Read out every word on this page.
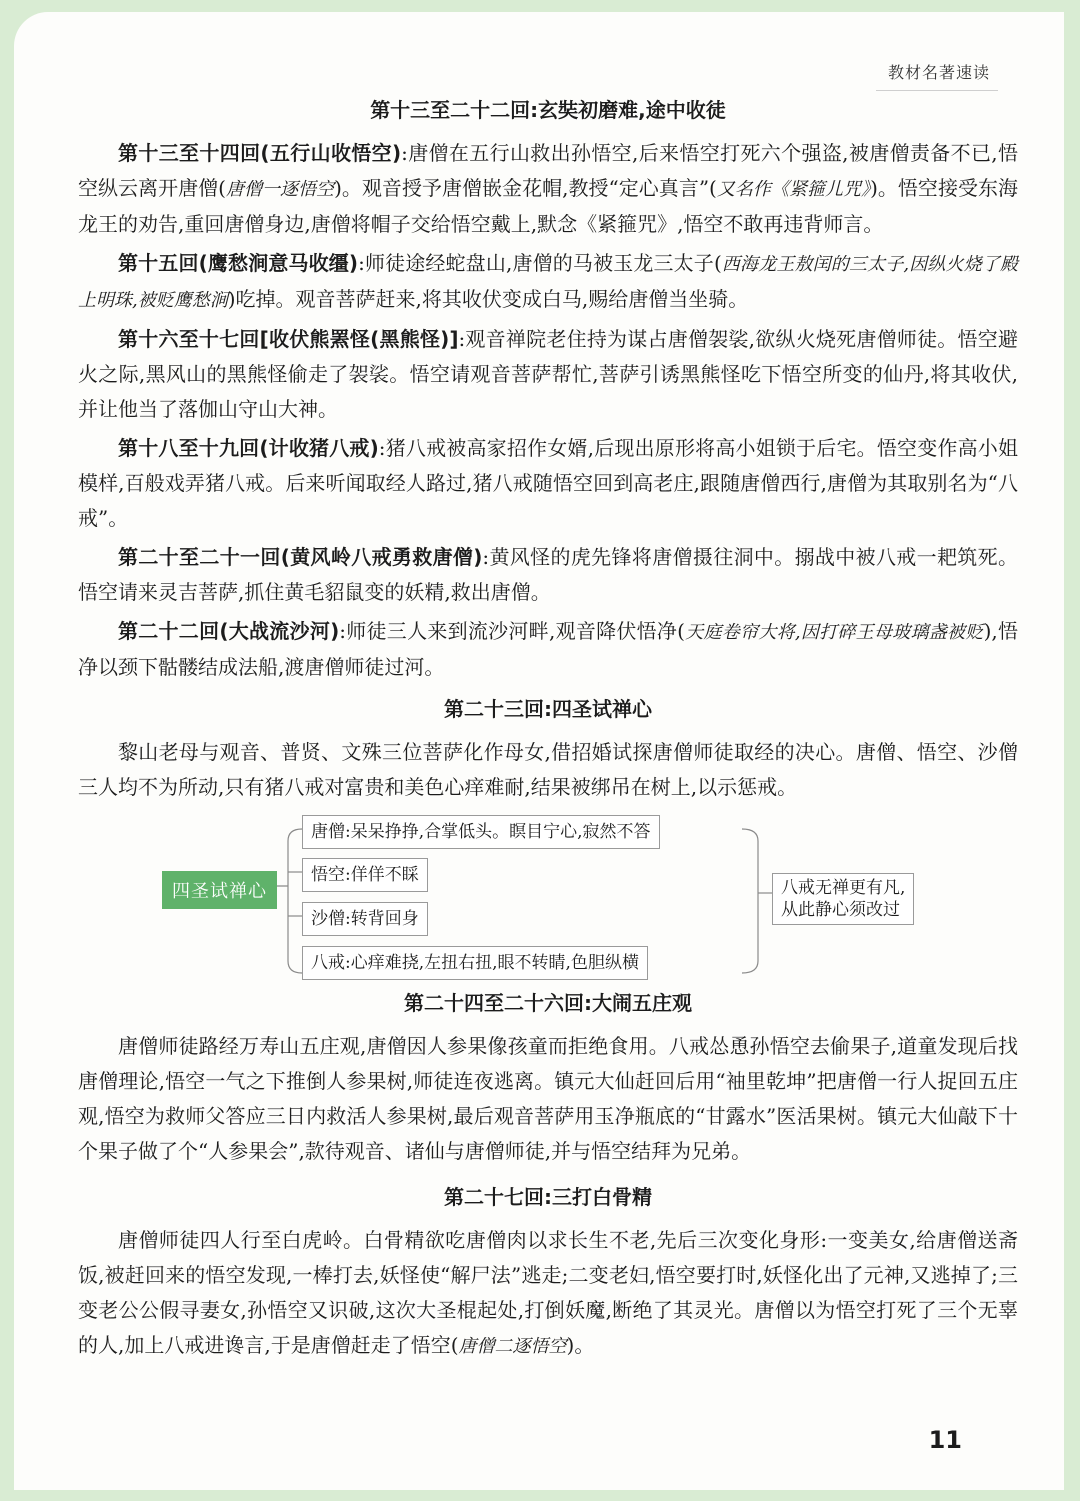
教材名著速读
第十三至二十二回:玄奘初磨难,途中收徒

第十三至十四回(五行山收悟空):唐僧在五行山救出孙悟空,后来悟空打死六个强盗,被唐僧责备不已,悟空纵云离开唐僧(唐僧一逐悟空)。观音授予唐僧嵌金花帽,教授“定心真言”(又名作《紧箍儿咒》)。悟空接受东海龙王的劝告,重回唐僧身边,唐僧将帽子交给悟空戴上,默念《紧箍咒》,悟空不敢再违背师言。

第十五回(鹰愁涧意马收缰):师徒途经蛇盘山,唐僧的马被玉龙三太子(西海龙王敖闰的三太子,因纵火烧了殿上明珠,被贬鹰愁涧)吃掉。观音菩萨赶来,将其收伏变成白马,赐给唐僧当坐骑。

第十六至十七回[收伏熊罴怪(黑熊怪)]:观音禅院老住持为谋占唐僧袈裟,欲纵火烧死唐僧师徒。悟空避火之际,黑风山的黑熊怪偷走了袈裟。悟空请观音菩萨帮忙,菩萨引诱黑熊怪吃下悟空所变的仙丹,将其收伏,并让他当了落伽山守山大神。

第十八至十九回(计收猪八戒):猪八戒被高家招作女婿,后现出原形将高小姐锁于后宅。悟空变作高小姐模样,百般戏弄猪八戒。后来听闻取经人路过,猪八戒随悟空回到高老庄,跟随唐僧西行,唐僧为其取别名为“八戒”。

第二十至二十一回(黄风岭八戒勇救唐僧):黄风怪的虎先锋将唐僧摄往洞中。搦战中被八戒一耙筑死。悟空请来灵吉菩萨,抓住黄毛貂鼠变的妖精,救出唐僧。

第二十二回(大战流沙河):师徒三人来到流沙河畔,观音降伏悟净(天庭卷帘大将,因打碎王母玻璃盏被贬),悟净以颈下骷髅结成法船,渡唐僧师徒过河。

第二十三回:四圣试禅心

黎山老母与观音、普贤、文殊三位菩萨化作母女,借招婚试探唐僧师徒取经的决心。唐僧、悟空、沙僧三人均不为所动,只有猪八戒对富贵和美色心痒难耐,结果被绑吊在树上,以示惩戒。

四圣试禅心
唐僧:呆呆挣挣,合掌低头。瞑目宁心,寂然不答
悟空:佯佯不睬
沙僧:转背回身
八戒:心痒难挠,左扭右扭,眼不转睛,色胆纵横
八戒无禅更有凡,
从此静心须改过
第二十四至二十六回:大闹五庄观

唐僧师徒路经万寿山五庄观,唐僧因人参果像孩童而拒绝食用。八戒怂恿孙悟空去偷果子,道童发现后找唐僧理论,悟空一气之下推倒人参果树,师徒连夜逃离。镇元大仙赶回后用“袖里乾坤”把唐僧一行人捉回五庄观,悟空为救师父答应三日内救活人参果树,最后观音菩萨用玉净瓶底的“甘露水”医活果树。镇元大仙敲下十个果子做了个“人参果会”,款待观音、诸仙与唐僧师徒,并与悟空结拜为兄弟。

第二十七回:三打白骨精

唐僧师徒四人行至白虎岭。白骨精欲吃唐僧肉以求长生不老,先后三次变化身形:一变美女,给唐僧送斋饭,被赶回来的悟空发现,一棒打去,妖怪使“解尸法”逃走;二变老妇,悟空要打时,妖怪化出了元神,又逃掉了;三变老公公假寻妻女,孙悟空又识破,这次大圣棍起处,打倒妖魔,断绝了其灵光。唐僧以为悟空打死了三个无辜的人,加上八戒进谗言,于是唐僧赶走了悟空(唐僧二逐悟空)。

11
